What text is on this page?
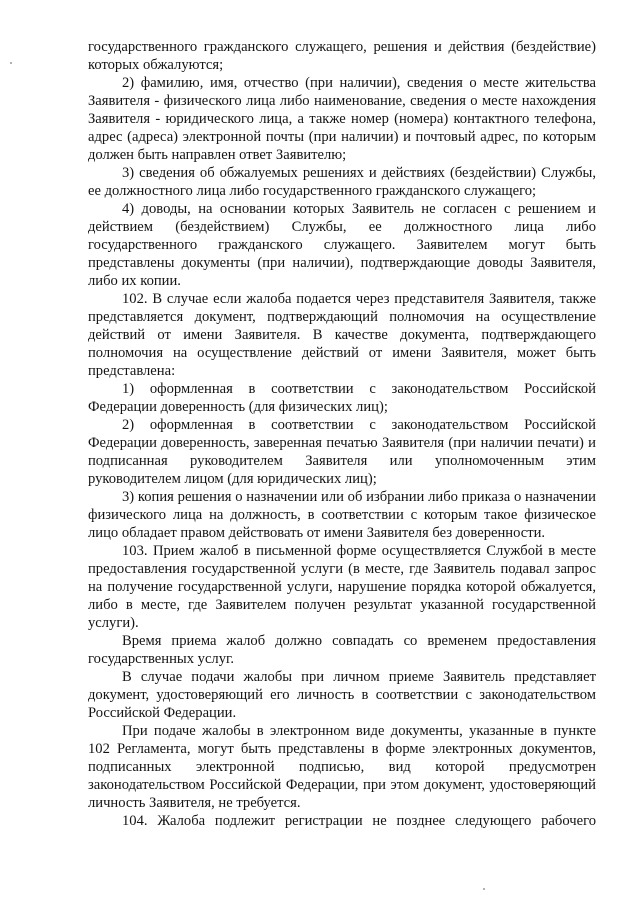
государственного гражданского служащего, решения и действия (бездействие) которых обжалуются;

2) фамилию, имя, отчество (при наличии), сведения о месте жительства Заявителя - физического лица либо наименование, сведения о месте нахождения Заявителя - юридического лица, а также номер (номера) контактного телефона, адрес (адреса) электронной почты (при наличии) и почтовый адрес, по которым должен быть направлен ответ Заявителю;

3) сведения об обжалуемых решениях и действиях (бездействии) Службы, ее должностного лица либо государственного гражданского служащего;

4) доводы, на основании которых Заявитель не согласен с решением и действием (бездействием) Службы, ее должностного лица либо государственного гражданского служащего. Заявителем могут быть представлены документы (при наличии), подтверждающие доводы Заявителя, либо их копии.

102. В случае если жалоба подается через представителя Заявителя, также представляется документ, подтверждающий полномочия на осуществление действий от имени Заявителя. В качестве документа, подтверждающего полномочия на осуществление действий от имени Заявителя, может быть представлена:

1) оформленная в соответствии с законодательством Российской Федерации доверенность (для физических лиц);

2) оформленная в соответствии с законодательством Российской Федерации доверенность, заверенная печатью Заявителя (при наличии печати) и подписанная руководителем Заявителя или уполномоченным этим руководителем лицом (для юридических лиц);

3) копия решения о назначении или об избрании либо приказа о назначении физического лица на должность, в соответствии с которым такое физическое лицо обладает правом действовать от имени Заявителя без доверенности.

103. Прием жалоб в письменной форме осуществляется Службой в месте предоставления государственной услуги (в месте, где Заявитель подавал запрос на получение государственной услуги, нарушение порядка которой обжалуется, либо в месте, где Заявителем получен результат указанной государственной услуги).

Время приема жалоб должно совпадать со временем предоставления государственных услуг.

В случае подачи жалобы при личном приеме Заявитель представляет документ, удостоверяющий его личность в соответствии с законодательством Российской Федерации.

При подаче жалобы в электронном виде документы, указанные в пункте 102 Регламента, могут быть представлены в форме электронных документов, подписанных электронной подписью, вид которой предусмотрен законодательством Российской Федерации, при этом документ, удостоверяющий личность Заявителя, не требуется.

104. Жалоба подлежит регистрации не позднее следующего рабочего
